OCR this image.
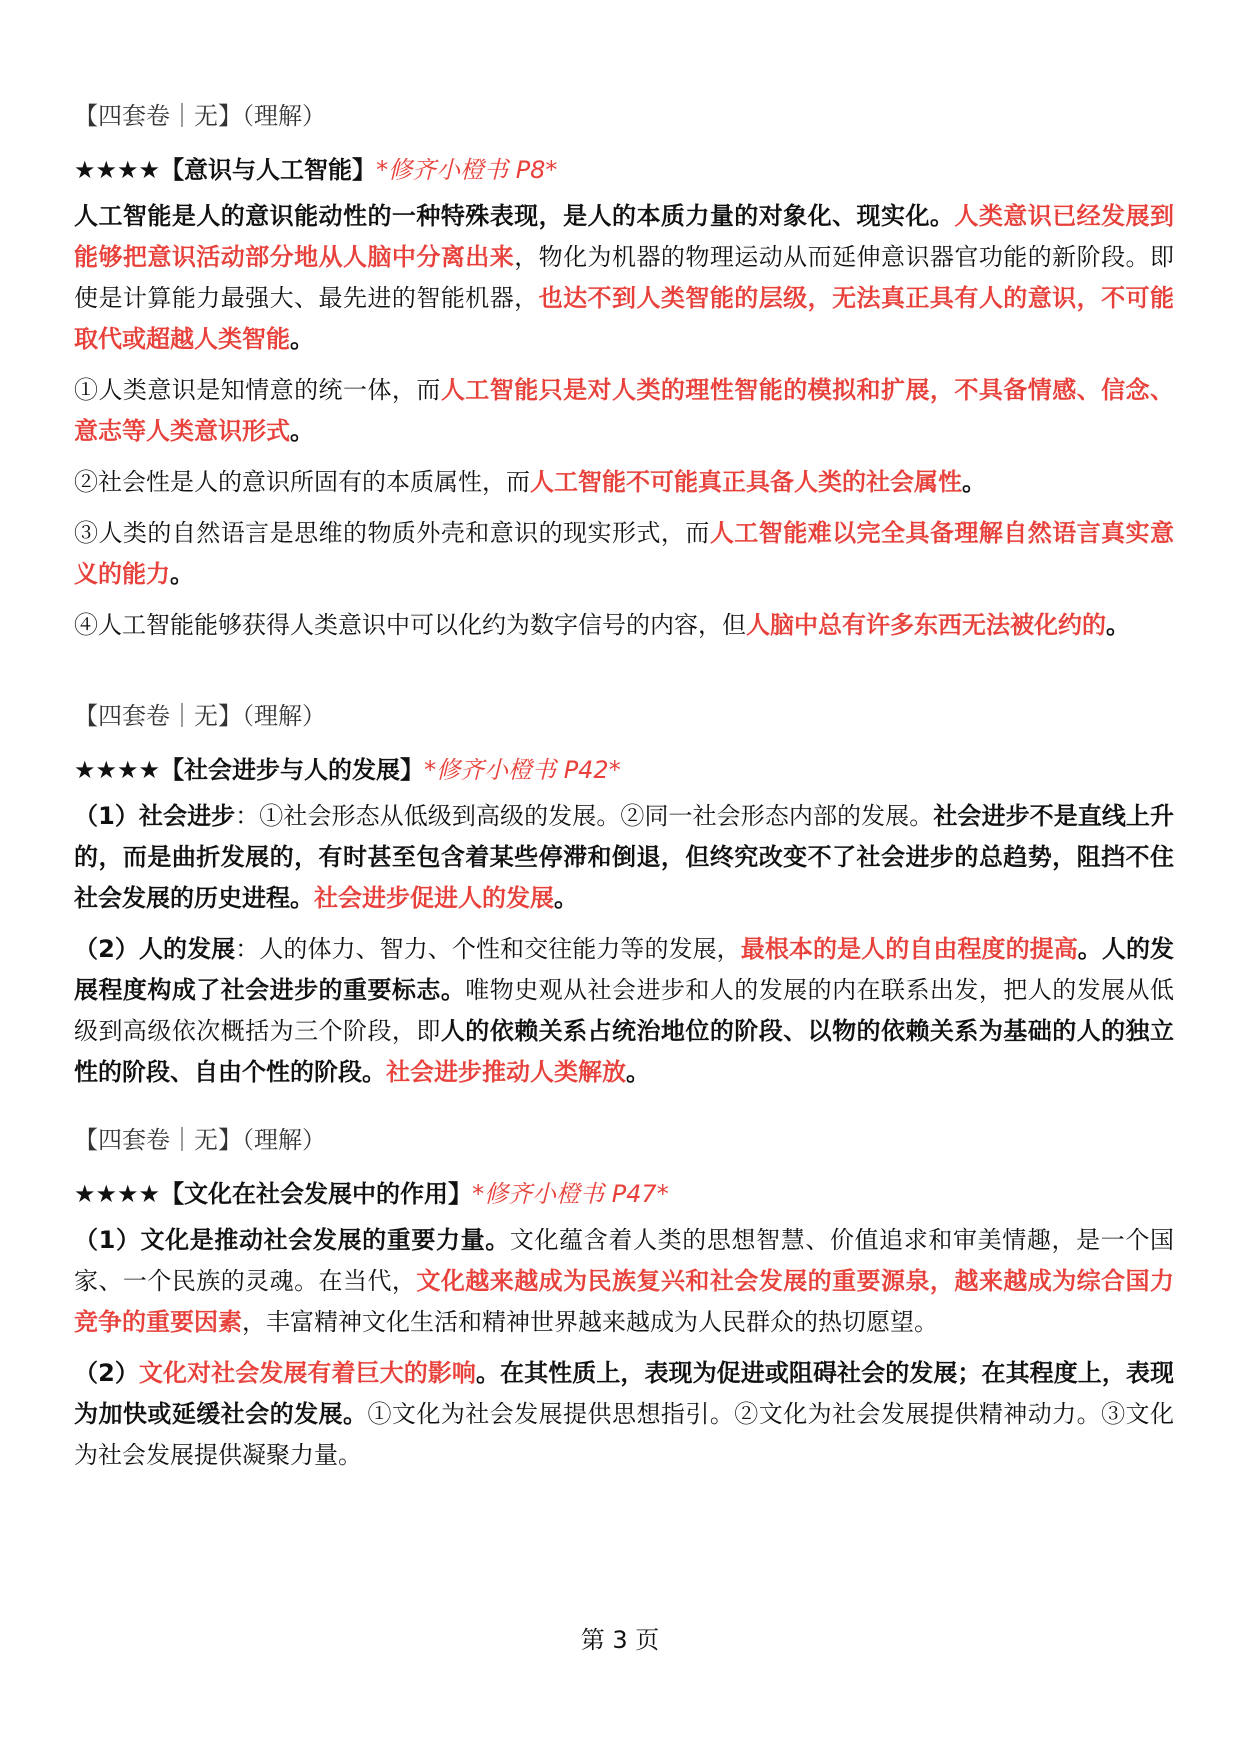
【四套卷｜无】（理解）
★★★★【意识与人工智能】*修齐小橙书 P8*
人工智能是人的意识能动性的一种特殊表现，是人的本质力量的对象化、现实化。人类意识已经发展到能够把意识活动部分地从人脑中分离出来，物化为机器的物理运动从而延伸意识器官功能的新阶段。即使是计算能力最强大、最先进的智能机器，也达不到人类智能的层级，无法真正具有人的意识，不可能取代或超越人类智能。
①人类意识是知情意的统一体，而人工智能只是对人类的理性智能的模拟和扩展，不具备情感、信念、意志等人类意识形式。
②社会性是人的意识所固有的本质属性，而人工智能不可能真正具备人类的社会属性。
③人类的自然语言是思维的物质外壳和意识的现实形式，而人工智能难以完全具备理解自然语言真实意义的能力。
④人工智能能够获得人类意识中可以化约为数字信号的内容，但人脑中总有许多东西无法被化约的。
【四套卷｜无】（理解）
★★★★【社会进步与人的发展】*修齐小橙书 P42*
（1）社会进步：①社会形态从低级到高级的发展。②同一社会形态内部的发展。社会进步不是直线上升的，而是曲折发展的，有时甚至包含着某些停滞和倒退，但终究改变不了社会进步的总趋势，阻挡不住社会发展的历史进程。社会进步促进人的发展。
（2）人的发展：人的体力、智力、个性和交往能力等的发展，最根本的是人的自由程度的提高。人的发展程度构成了社会进步的重要标志。唯物史观从社会进步和人的发展的内在联系出发，把人的发展从低级到高级依次概括为三个阶段，即人的依赖关系占统治地位的阶段、以物的依赖关系为基础的人的独立性的阶段、自由个性的阶段。社会进步推动人类解放。
【四套卷｜无】（理解）
★★★★【文化在社会发展中的作用】*修齐小橙书 P47*
（1）文化是推动社会发展的重要力量。文化蕴含着人类的思想智慧、价值追求和审美情趣，是一个国家、一个民族的灵魂。在当代，文化越来越成为民族复兴和社会发展的重要源泉，越来越成为综合国力竞争的重要因素，丰富精神文化生活和精神世界越来越成为人民群众的热切愿望。
（2）文化对社会发展有着巨大的影响。在其性质上，表现为促进或阻碍社会的发展；在其程度上，表现为加快或延缓社会的发展。①文化为社会发展提供思想指引。②文化为社会发展提供精神动力。③文化为社会发展提供凝聚力量。
第 3 页
